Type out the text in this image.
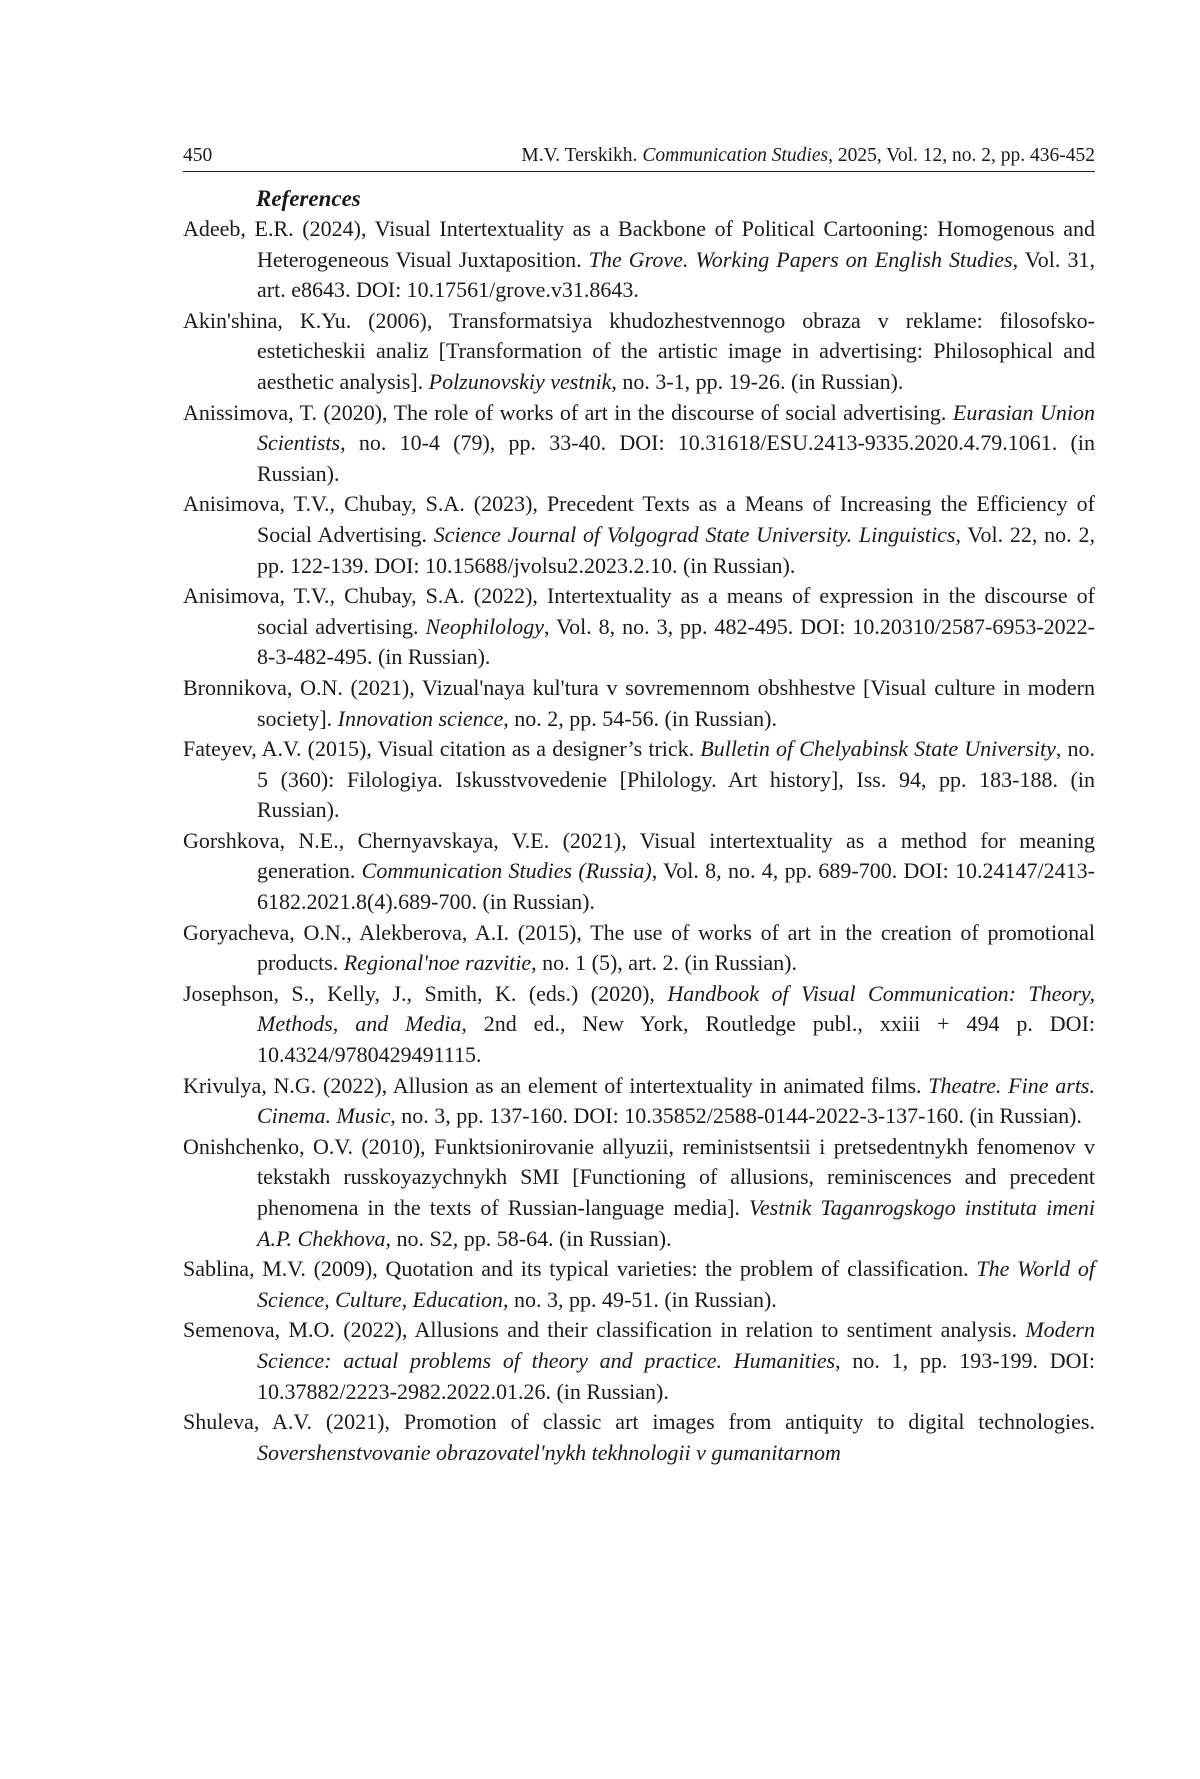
450	M.V. Terskikh. Communication Studies, 2025, Vol. 12, no. 2, pp. 436-452
References
Adeeb, E.R. (2024), Visual Intertextuality as a Backbone of Political Cartooning: Homogenous and Heterogeneous Visual Juxtaposition. The Grove. Working Papers on English Studies, Vol. 31, art. e8643. DOI: 10.17561/grove.v31.8643.
Akin'shina, K.Yu. (2006), Transformatsiya khudozhestvennogo obraza v reklame: filosofsko-esteticheskii analiz [Transformation of the artistic image in advertising: Philosophical and aesthetic analysis]. Polzunovskiy vestnik, no. 3-1, pp. 19-26. (in Russian).
Anissimova, T. (2020), The role of works of art in the discourse of social advertising. Eurasian Union Scientists, no. 10-4 (79), pp. 33-40. DOI: 10.31618/ESU.2413-9335.2020.4.79.1061. (in Russian).
Anisimova, T.V., Chubay, S.A. (2023), Precedent Texts as a Means of Increasing the Efficiency of Social Advertising. Science Journal of Volgograd State University. Linguistics, Vol. 22, no. 2, pp. 122-139. DOI: 10.15688/jvolsu2.2023.2.10. (in Russian).
Anisimova, T.V., Chubay, S.A. (2022), Intertextuality as a means of expression in the discourse of social advertising. Neophilology, Vol. 8, no. 3, pp. 482-495. DOI: 10.20310/2587-6953-2022-8-3-482-495. (in Russian).
Bronnikova, O.N. (2021), Vizual'naya kul'tura v sovremennom obshhestve [Visual culture in modern society]. Innovation science, no. 2, pp. 54-56. (in Russian).
Fateyev, A.V. (2015), Visual citation as a designer’s trick. Bulletin of Chelyabinsk State University, no. 5 (360): Filologiya. Iskusstvovedenie [Philology. Art history], Iss. 94, pp. 183-188. (in Russian).
Gorshkova, N.E., Chernyavskaya, V.E. (2021), Visual intertextuality as a method for meaning generation. Communication Studies (Russia), Vol. 8, no. 4, pp. 689-700. DOI: 10.24147/2413-6182.2021.8(4).689-700. (in Russian).
Goryacheva, O.N., Alekberova, A.I. (2015), The use of works of art in the creation of promotional products. Regional'noe razvitie, no. 1 (5), art. 2. (in Russian).
Josephson, S., Kelly, J., Smith, K. (eds.) (2020), Handbook of Visual Communication: Theory, Methods, and Media, 2nd ed., New York, Routledge publ., xxiii + 494 p. DOI: 10.4324/9780429491115.
Krivulya, N.G. (2022), Allusion as an element of intertextuality in animated films. Theatre. Fine arts. Cinema. Music, no. 3, pp. 137-160. DOI: 10.35852/2588-0144-2022-3-137-160. (in Russian).
Onishchenko, O.V. (2010), Funktsionirovanie allyuzii, reministsentsii i pretsedentnykh fenomenov v tekstakh russkoyazychnykh SMI [Functioning of allusions, reminiscences and precedent phenomena in the texts of Russian-language media]. Vestnik Taganrogskogo instituta imeni A.P. Chekhova, no. S2, pp. 58-64. (in Russian).
Sablina, M.V. (2009), Quotation and its typical varieties: the problem of classification. The World of Science, Culture, Education, no. 3, pp. 49-51. (in Russian).
Semenova, M.O. (2022), Allusions and their classification in relation to sentiment analysis. Modern Science: actual problems of theory and practice. Humanities, no. 1, pp. 193-199. DOI: 10.37882/2223-2982.2022.01.26. (in Russian).
Shuleva, A.V. (2021), Promotion of classic art images from antiquity to digital technologies. Sovershenstvovanie obrazovatel'nykh tekhnologii v gumanitarnom
